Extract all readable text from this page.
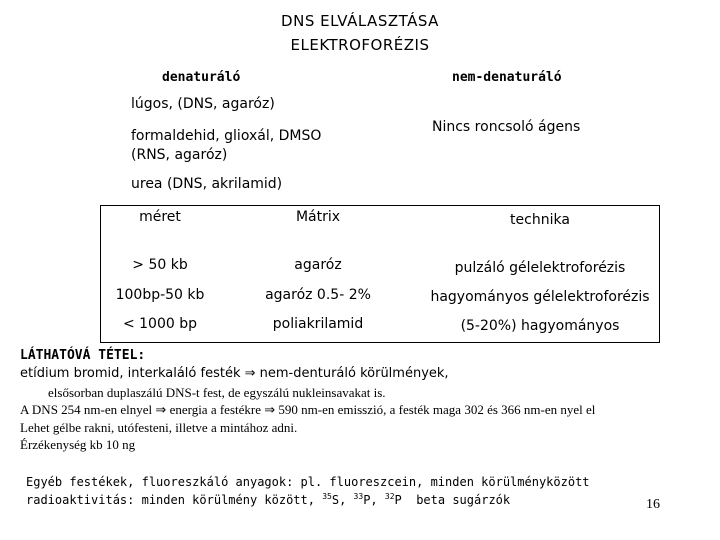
DNS ELVÁLASZTÁSA
ELEKTROFORÉZIS
denaturáló
lúgos, (DNS, agaróz)
formaldehid, glioxál, DMSO
(RNS, agaróz)
urea (DNS, akrilamid)
nem-denaturáló
Nincs roncsoló ágens
méret	Mátrix	technika
> 50 kb	agaróz	pulzáló gélelektroforézis
100bp-50 kb	agaróz 0.5- 2%	hagyományos gélelektroforézis
< 1000 bp	poliakrilamid	(5-20%) hagyományos
LÁTHATÓVÁ TÉTEL:
etídium bromid, interkaláló festék ⇒ nem-denturáló körülmények,
elsősorban duplaszálú DNS-t fest, de egyszálú nukleinsavakat is.
A DNS 254 nm-en elnyel ⇒ energia a festékre ⇒ 590 nm-en emisszió, a festék maga 302 és 366 nm-en nyel el
Lehet gélbe rakni, utófesteni, illetve a mintához adni.
Érzékenység kb 10 ng
Egyéb festékek, fluoreszkáló anyagok: pl. fluoreszcein, minden körülményközött
radioaktivitás: minden körülmény között, $^{35}$S, $^{33}$P, $^{32}$P  beta sugárzók	16
